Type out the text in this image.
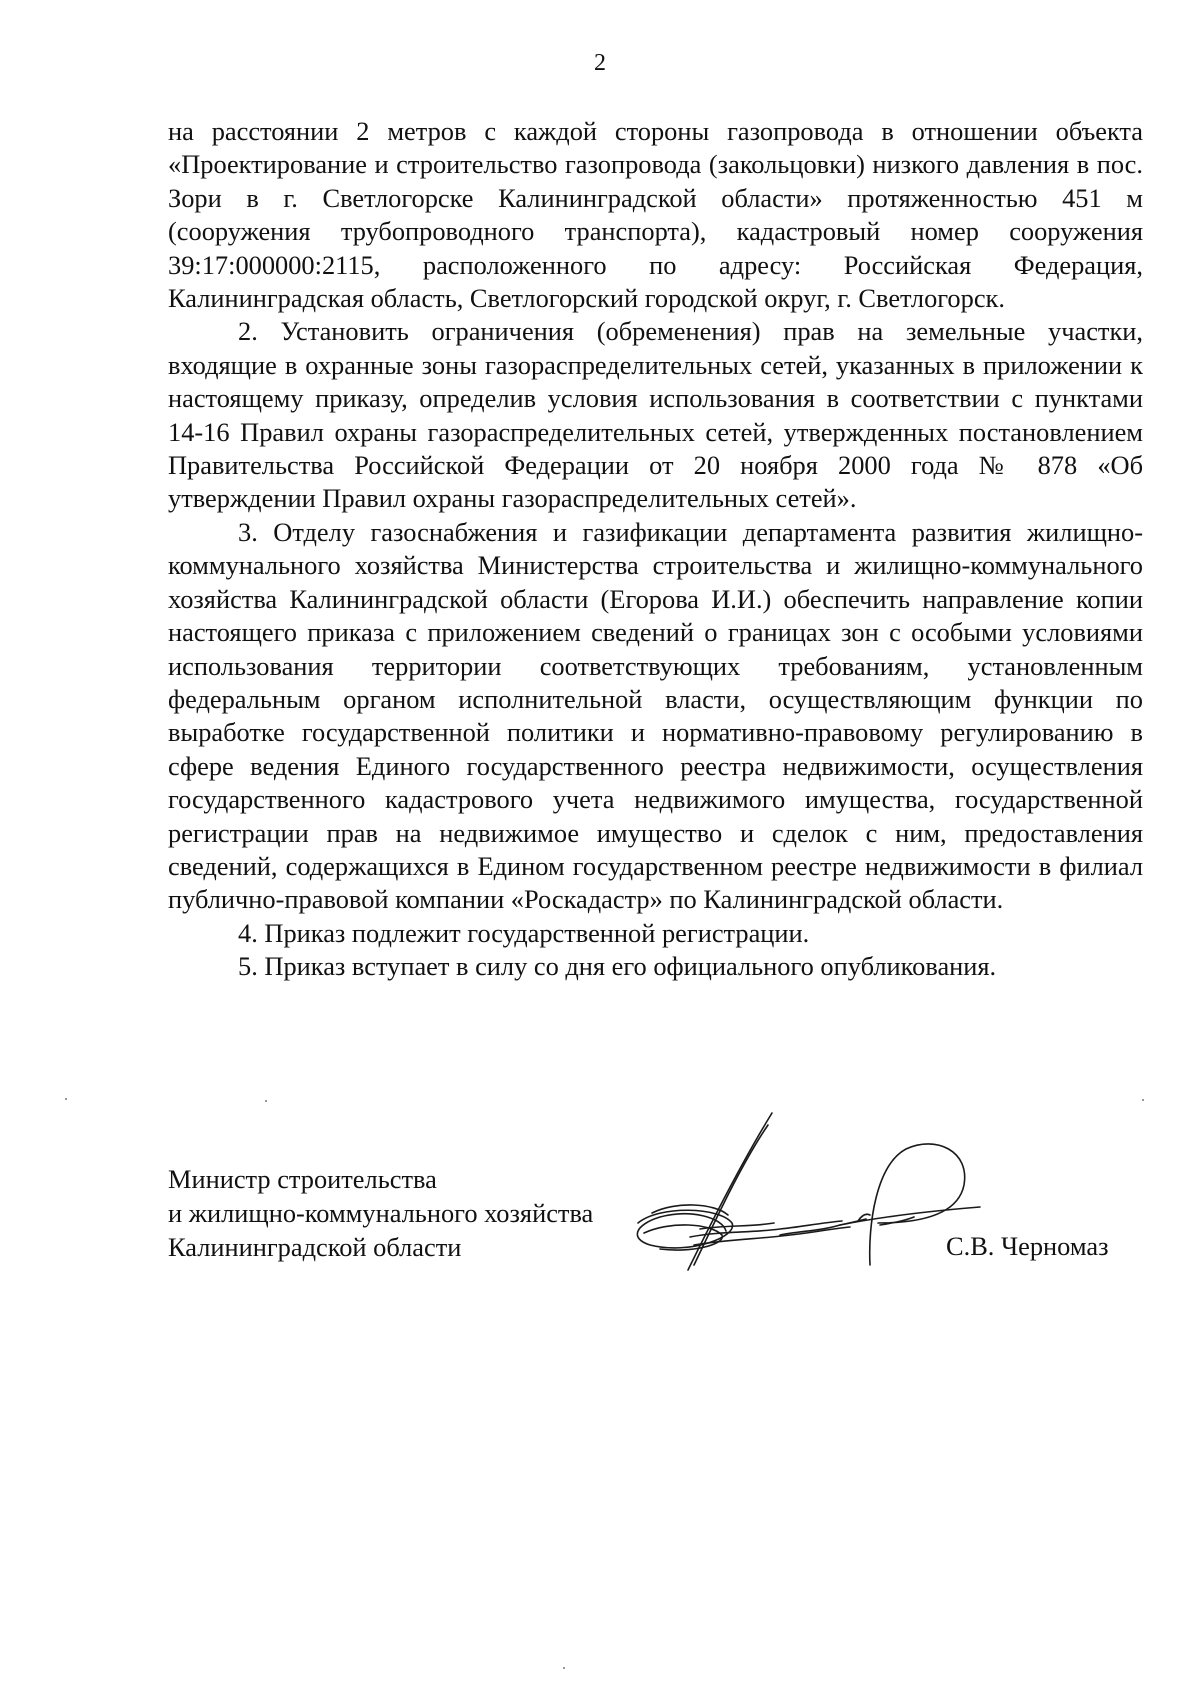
2

на расстоянии 2 метров с каждой стороны газопровода в отношении объекта «Проектирование и строительство газопровода (закольцовки) низкого давления в пос. Зори в г. Светлогорске Калининградской области» протяженностью 451 м (сооружения трубопроводного транспорта), кадастровый номер сооружения 39:17:000000:2115, расположенного по адресу: Российская Федерация, Калининградская область, Светлогорский городской округ, г. Светлогорск.

2. Установить ограничения (обременения) прав на земельные участки, входящие в охранные зоны газораспределительных сетей, указанных в приложении к настоящему приказу, определив условия использования в соответствии с пунктами 14-16 Правил охраны газораспределительных сетей, утвержденных постановлением Правительства Российской Федерации от 20 ноября 2000 года № 878 «Об утверждении Правил охраны газораспределительных сетей».

3. Отделу газоснабжения и газификации департамента развития жилищно-коммунального хозяйства Министерства строительства и жилищно-коммунального хозяйства Калининградской области (Егорова И.И.) обеспечить направление копии настоящего приказа с приложением сведений о границах зон с особыми условиями использования территории соответствующих требованиям, установленным федеральным органом исполнительной власти, осуществляющим функции по выработке государственной политики и нормативно-правовому регулированию в сфере ведения Единого государственного реестра недвижимости, осуществления государственного кадастрового учета недвижимого имущества, государственной регистрации прав на недвижимое имущество и сделок с ним, предоставления сведений, содержащихся в Едином государственном реестре недвижимости в филиал публично-правовой компании «Роскадастр» по Калининградской области.

4. Приказ подлежит государственной регистрации.

5. Приказ вступает в силу со дня его официального опубликования.

Министр строительства
и жилищно-коммунального хозяйства
Калининградской области	С.В. Черномаз
